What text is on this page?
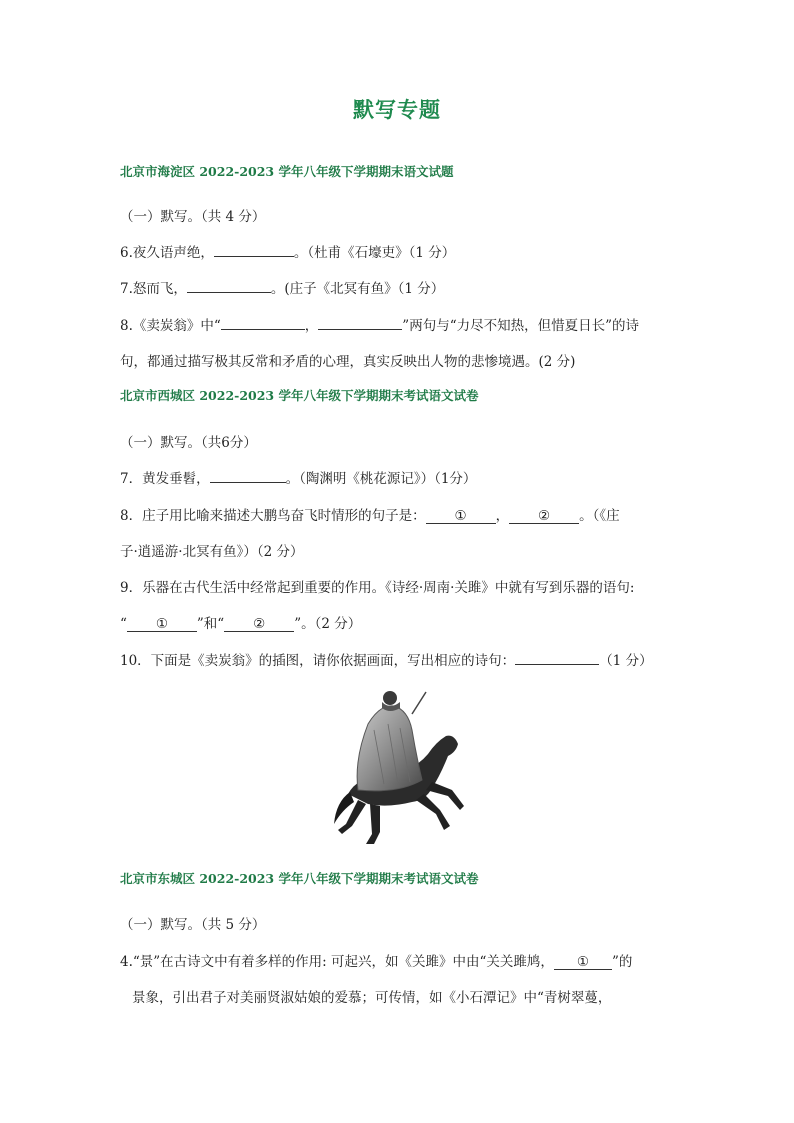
默写专题
北京市海淀区 2022-2023 学年八年级下学期期末语文试题
（一）默写。（共 4 分）
6.夜久语声绝，	。（杜甫《石壕吏》（1 分）
7.怒而飞，	。(庄子《北冥有鱼》（1 分）
8.《卖炭翁》中“	，	”两句与“力尽不知热，但惜夏日长”的诗
句，都通过描写极其反常和矛盾的心理，真实反映出人物的悲惨境遇。(2 分)
北京市西城区 2022-2023 学年八年级下学期期末考试语文试卷
（一）默写。（共6分）
7．黄发垂髫，	。（陶渊明《桃花源记》）（1分）
8．庄子用比喻来描述大鹏鸟奋飞时情形的句子是： ① ， ② 。（《庄
子·逍遥游·北冥有鱼》）（2 分）
9．乐器在古代生活中经常起到重要的作用。《诗经·周南·关雎》中就有写到乐器的语句:
“ ① ”和“ ② ”。（2 分）
10．下面是《卖炭翁》的插图，请你依据画面，写出相应的诗句：	（1 分）
北京市东城区 2022-2023 学年八年级下学期期末考试语文试卷
（一）默写。（共 5 分）
4.“景”在古诗文中有着多样的作用: 可起兴，如《关雎》中由“关关雎鸠， ① ”的
景象，引出君子对美丽贤淑姑娘的爱慕；可传情，如《小石潭记》中“青树翠蔓，
